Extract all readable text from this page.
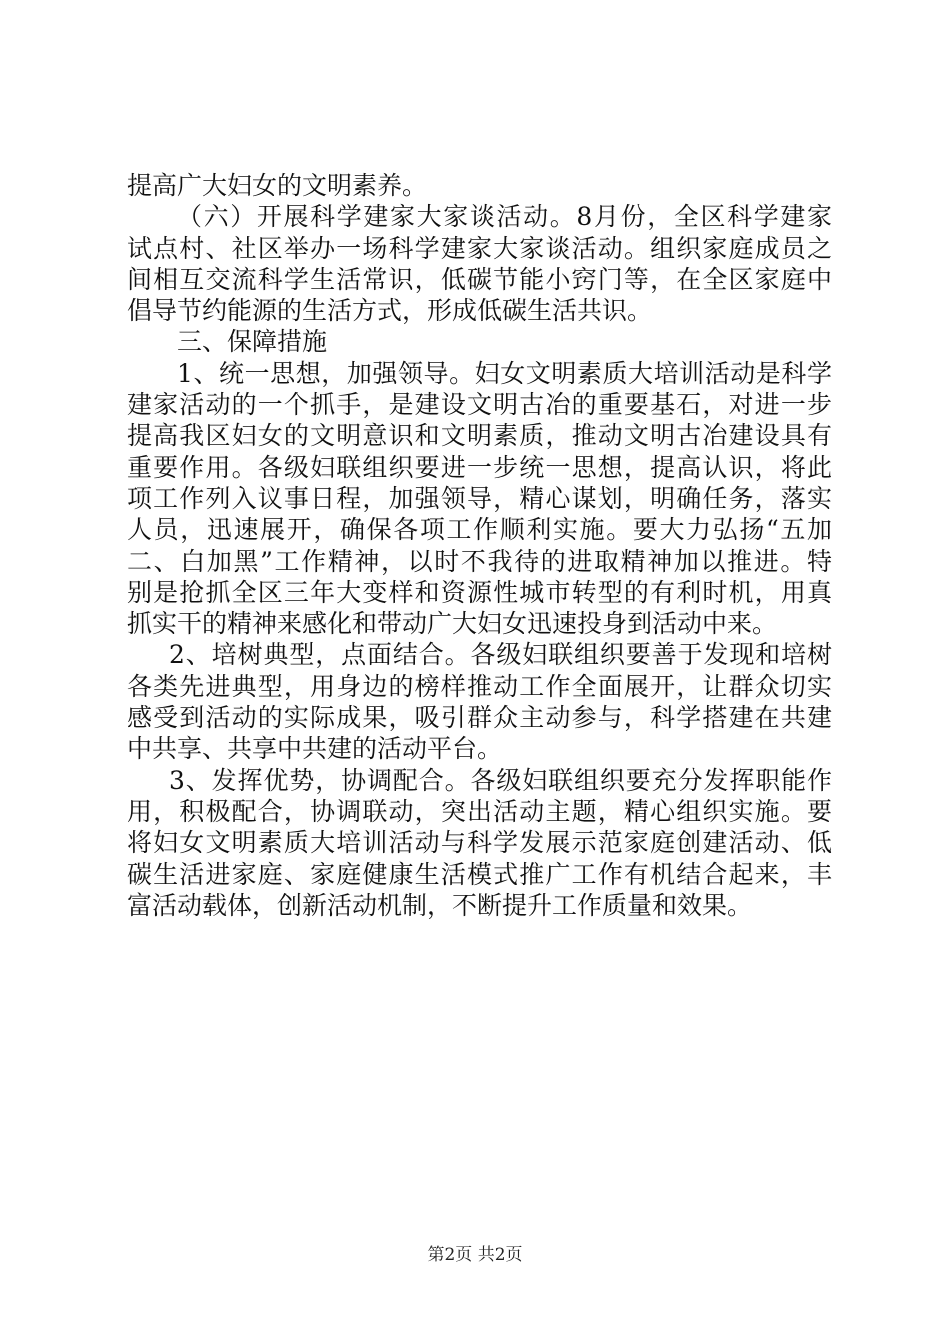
提高广大妇女的文明素养。
（六）开展科学建家大家谈活动。8月份，全区科学建家
试点村、社区举办一场科学建家大家谈活动。组织家庭成员之
间相互交流科学生活常识，低碳节能小窍门等，在全区家庭中
倡导节约能源的生活方式，形成低碳生活共识。
三、保障措施
1、统一思想，加强领导。妇女文明素质大培训活动是科学
建家活动的一个抓手，是建设文明古冶的重要基石，对进一步
提高我区妇女的文明意识和文明素质，推动文明古冶建设具有
重要作用。各级妇联组织要进一步统一思想，提高认识，将此
项工作列入议事日程，加强领导，精心谋划，明确任务，落实
人员，迅速展开，确保各项工作顺利实施。要大力弘扬“五加
二、白加黑”工作精神，以时不我待的进取精神加以推进。特
别是抢抓全区三年大变样和资源性城市转型的有利时机，用真
抓实干的精神来感化和带动广大妇女迅速投身到活动中来。
2、培树典型，点面结合。各级妇联组织要善于发现和培树
各类先进典型，用身边的榜样推动工作全面展开，让群众切实
感受到活动的实际成果，吸引群众主动参与，科学搭建在共建
中共享、共享中共建的活动平台。
3、发挥优势，协调配合。各级妇联组织要充分发挥职能作
用，积极配合，协调联动，突出活动主题，精心组织实施。要
将妇女文明素质大培训活动与科学发展示范家庭创建活动、低
碳生活进家庭、家庭健康生活模式推广工作有机结合起来，丰
富活动载体，创新活动机制，不断提升工作质量和效果。
第2页 共2页
